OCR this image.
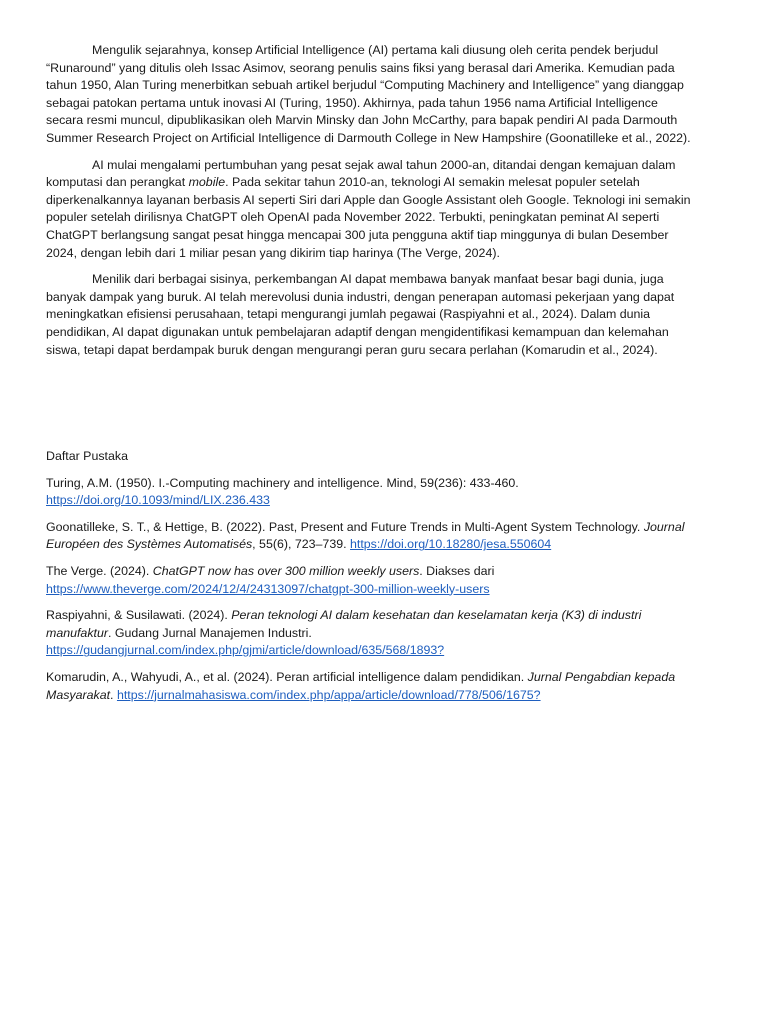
Mengulik sejarahnya, konsep Artificial Intelligence (AI) pertama kali diusung oleh cerita pendek berjudul “Runaround” yang ditulis oleh Issac Asimov, seorang penulis sains fiksi yang berasal dari Amerika. Kemudian pada tahun 1950, Alan Turing menerbitkan sebuah artikel berjudul “Computing Machinery and Intelligence” yang dianggap sebagai patokan pertama untuk inovasi AI (Turing, 1950). Akhirnya, pada tahun 1956 nama Artificial Intelligence secara resmi muncul, dipublikasikan oleh Marvin Minsky dan John McCarthy, para bapak pendiri AI pada Darmouth Summer Research Project on Artificial Intelligence di Darmouth College in New Hampshire (Goonatilleke et al., 2022).

AI mulai mengalami pertumbuhan yang pesat sejak awal tahun 2000-an, ditandai dengan kemajuan dalam komputasi dan perangkat mobile. Pada sekitar tahun 2010-an, teknologi AI semakin melesat populer setelah diperkenalkannya layanan berbasis AI seperti Siri dari Apple dan Google Assistant oleh Google. Teknologi ini semakin populer setelah dirilisnya ChatGPT oleh OpenAI pada November 2022. Terbukti, peningkatan peminat AI seperti ChatGPT berlangsung sangat pesat hingga mencapai 300 juta pengguna aktif tiap minggunya di bulan Desember 2024, dengan lebih dari 1 miliar pesan yang dikirim tiap harinya (The Verge, 2024).

Menilik dari berbagai sisinya, perkembangan AI dapat membawa banyak manfaat besar bagi dunia, juga banyak dampak yang buruk. AI telah merevolusi dunia industri, dengan penerapan automasi pekerjaan yang dapat meningkatkan efisiensi perusahaan, tetapi mengurangi jumlah pegawai (Raspiyahni et al., 2024). Dalam dunia pendidikan, AI dapat digunakan untuk pembelajaran adaptif dengan mengidentifikasi kemampuan dan kelemahan siswa, tetapi dapat berdampak buruk dengan mengurangi peran guru secara perlahan (Komarudin et al., 2024).

Daftar Pustaka

Turing, A.M. (1950). I.-Computing machinery and intelligence. Mind, 59(236): 433-460.
https://doi.org/10.1093/mind/LIX.236.433

Goonatilleke, S. T., & Hettige, B. (2022). Past, Present and Future Trends in Multi-Agent System Technology. Journal Européen des Systèmes Automatisés, 55(6), 723–739. https://doi.org/10.18280/jesa.550604

The Verge. (2024). ChatGPT now has over 300 million weekly users. Diakses dari
https://www.theverge.com/2024/12/4/24313097/chatgpt-300-million-weekly-users

Raspiyahni, & Susilawati. (2024). Peran teknologi AI dalam kesehatan dan keselamatan kerja (K3) di industri manufaktur. Gudang Jurnal Manajemen Industri.
https://gudangjurnal.com/index.php/gjmi/article/download/635/568/1893?

Komarudin, A., Wahyudi, A., et al. (2024). Peran artificial intelligence dalam pendidikan. Jurnal Pengabdian kepada Masyarakat. https://jurnalmahasiswa.com/index.php/appa/article/download/778/506/1675?
